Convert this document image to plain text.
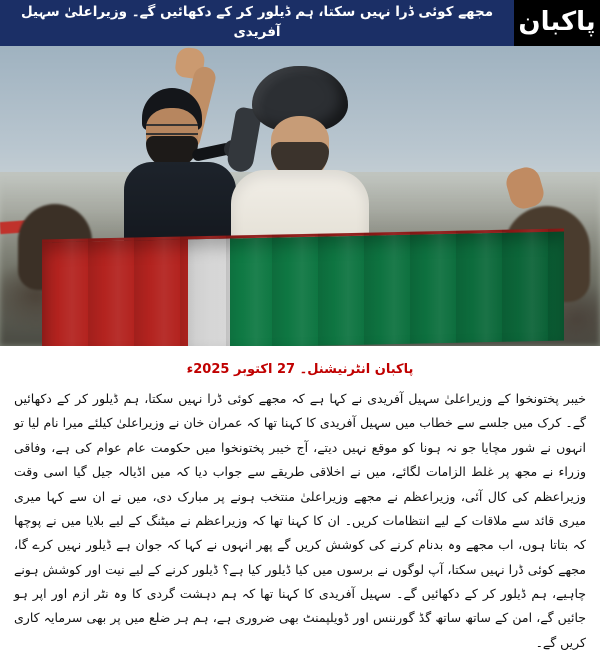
پاکبان
مجھے کوئی ڈرا نہیں سکتا، ہم ڈیلور کر کے دکھائیں گے۔ وزیراعلیٰ سہیل آفریدی
پاکبان انٹرنیشنل۔ 27 اکتوبر 2025ء

خیبر پختونخوا کے وزیراعلیٰ سہیل آفریدی نے کہا ہے کہ مجھے کوئی ڈرا نہیں سکتا، ہم ڈیلور کر کے دکھائیں گے۔ کرک میں جلسے سے خطاب میں سہیل آفریدی کا کہنا تھا کہ عمران خان نے وزیراعلیٰ کیلئے میرا نام لیا تو انہوں نے شور مچایا جو نہ ہونا کو موقع نہیں دیتے، آج خیبر پختونخوا میں حکومت عام عوام کی ہے، وفاقی وزراء نے مجھ پر غلط الزامات لگائے، میں نے اخلاقی طریقے سے جواب دیا کہ میں اڈیالہ جیل گیا اسی وقت وزیراعظم کی کال آئی، وزیراعظم نے مجھے وزیراعلیٰ منتخب ہونے پر مبارک دی، میں نے ان سے کہا میری میری قائد سے ملاقات کے لیے انتظامات کریں۔ ان کا کہنا تھا کہ وزیراعظم نے میٹنگ کے لیے بلایا میں نے پوچھا کہ بتاتا ہوں، اب مجھے وہ بدنام کرنے کی کوشش کریں گے پھر انہوں نے کہا کہ جوان ہے ڈیلور نہیں کرے گا، مجھے کوئی ڈرا نہیں سکتا، آپ لوگوں نے برسوں میں کیا ڈیلور کیا ہے؟ ڈیلور کرنے کے لیے نیت اور کوشش ہونے چاہیے، ہم ڈیلور کر کے دکھائیں گے۔ سہیل آفریدی کا کہنا تھا کہ ہم دہشت گردی کا وہ نٹر ازم اور اپر ہو جائیں گے، امن کے ساتھ ساتھ گڈ گورننس اور ڈویلپمنٹ بھی ضروری ہے، ہم ہر ضلع میں پر بھی سرمایہ کاری کریں گے۔
